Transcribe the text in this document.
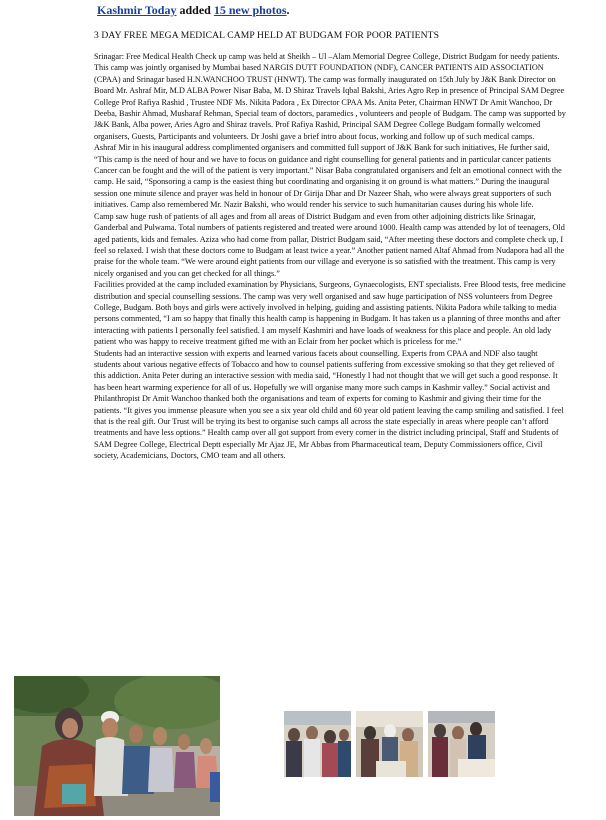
Kashmir Today added 15 new photos.
3 DAY FREE MEGA MEDICAL CAMP HELD AT BUDGAM FOR POOR PATIENTS

Srinagar: Free Medical Health Check up camp was held at Sheikh – Ul –Alam Memorial Degree College, District Budgam for needy patients. This camp was jointly organised by Mumbai based NARGIS DUTT FOUNDATION (NDF), CANCER PATIENTS AID ASSOCIATION (CPAA) and Srinagar based H.N.WANCHOO TRUST (HNWT). The camp was formally inaugurated on 15th July by J&K Bank Director on Board Mr. Ashraf Mir, M.D ALBA Power Nisar Baba, M. D Shiraz Travels Iqbal Bakshi, Aries Agro Rep in presence of Principal SAM Degree College Prof Rafiya Rashid , Trustee NDF Ms. Nikita Padora , Ex Director CPAA Ms. Anita Peter, Chairman HNWT Dr Amit Wanchoo, Dr Deeba, Bashir Ahmad, Musharaf Rehman, Special team of doctors, paramedics , volunteers and people of Budgam. The camp was supported by J&K Bank, Alba power, Aries Agro and Shiraz travels. Prof Rafiya Rashid, Principal SAM Degree College Budgam formally welcomed organisers, Guests, Participants and volunteers. Dr Joshi gave a brief intro about focus, working and follow up of such medical camps.

Ashraf Mir in his inaugural address complimented organisers and committed full support of J&K Bank for such initiatives, He further said, “This camp is the need of hour and we have to focus on guidance and right counselling for general patients and in particular cancer patients Cancer can be fought and the will of the patient is very important.” Nisar Baba congratulated organisers and felt an emotional connect with the camp. He said, “Sponsoring a camp is the easiest thing but coordinating and organising it on ground is what matters.” During the inaugural session one minute silence and prayer was held in honour of Dr Girija Dhar and Dr Nazeer Shah, who were always great supporters of such initiatives. Camp also remembered Mr. Nazir Bakshi, who would render his service to such humanitarian causes during his whole life.

Camp saw huge rush of patients of all ages and from all areas of District Budgam and even from other adjoining districts like Srinagar, Ganderbal and Pulwama. Total numbers of patients registered and treated were around 1000. Health camp was attended by lot of teenagers, Old aged patients, kids and females. Aziza who had come from pallar, District Budgam said, “After meeting these doctors and complete check up, I feel so relaxed. I wish that these doctors come to Budgam at least twice a year.” Another patient named Altaf Ahmad from Nudapora had all the praise for the whole team. “We were around eight patients from our village and everyone is so satisfied with the treatment. This camp is very nicely organised and you can get checked for all things.”

Facilities provided at the camp included examination by Physicians, Surgeons, Gynaecologists, ENT specialists. Free Blood tests, free medicine distribution and special counselling sessions. The camp was very well organised and saw huge participation of NSS volunteers from Degree College, Budgam. Both boys and girls were actively involved in helping, guiding and assisting patients. Nikita Padora while talking to media persons commented, “I am so happy that finally this health camp is happening in Budgam. It has taken us a planning of three months and after interacting with patients I personally feel satisfied. I am myself Kashmiri and have loads of weakness for this place and people. An old lady patient who was happy to receive treatment gifted me with an Eclair from her pocket which is priceless for me.”

Students had an interactive session with experts and learned various facets about counselling. Experts from CPAA and NDF also taught students about various negative effects of Tobacco and how to counsel patients suffering from excessive smoking so that they get relieved of this addiction. Anita Peter during an interactive session with media said, “Honestly I had not thought that we will get such a good response. It has been heart warming experience for all of us. Hopefully we will organise many more such camps in Kashmir valley.” Social activist and Philanthropist Dr Amit Wanchoo thanked both the organisations and team of experts for coming to Kashmir and giving their time for the patients. “It gives you immense pleasure when you see a six year old child and 60 year old patient leaving the camp smiling and satisfied. I feel that is the real gift. Our Trust will be trying its best to organise such camps all across the state especially in areas where people can’t afford treatments and have less options.” Health camp over all got support from every corner in the district including principal, Staff and Students of SAM Degree College, Electrical Deptt especially Mr Ajaz JE, Mr Abbas from Pharmaceutical team, Deputy Commissioners office, Civil society, Academicians, Doctors, CMO team and all others.
